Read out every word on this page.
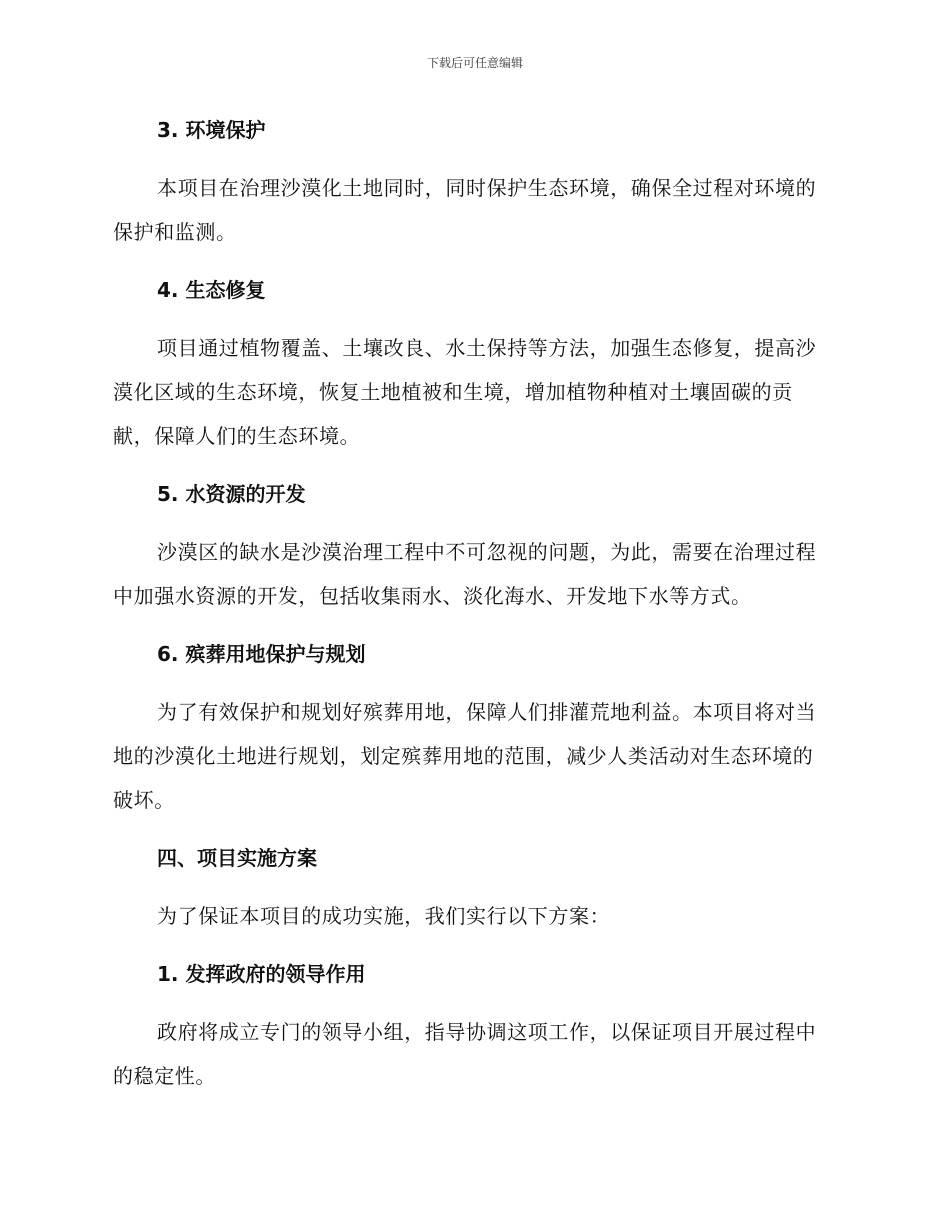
下载后可任意编辑
3. 环境保护

本项目在治理沙漠化土地同时，同时保护生态环境，确保全过程对环境的保护和监测。

4. 生态修复

项目通过植物覆盖、土壤改良、水土保持等方法，加强生态修复，提高沙漠化区域的生态环境，恢复土地植被和生境，增加植物种植对土壤固碳的贡献，保障人们的生态环境。

5. 水资源的开发

沙漠区的缺水是沙漠治理工程中不可忽视的问题，为此，需要在治理过程中加强水资源的开发，包括收集雨水、淡化海水、开发地下水等方式。

6. 殡葬用地保护与规划

为了有效保护和规划好殡葬用地，保障人们排灌荒地利益。本项目将对当地的沙漠化土地进行规划，划定殡葬用地的范围，减少人类活动对生态环境的破坏。

四、项目实施方案

为了保证本项目的成功实施，我们实行以下方案：

1. 发挥政府的领导作用

政府将成立专门的领导小组，指导协调这项工作，以保证项目开展过程中的稳定性。
